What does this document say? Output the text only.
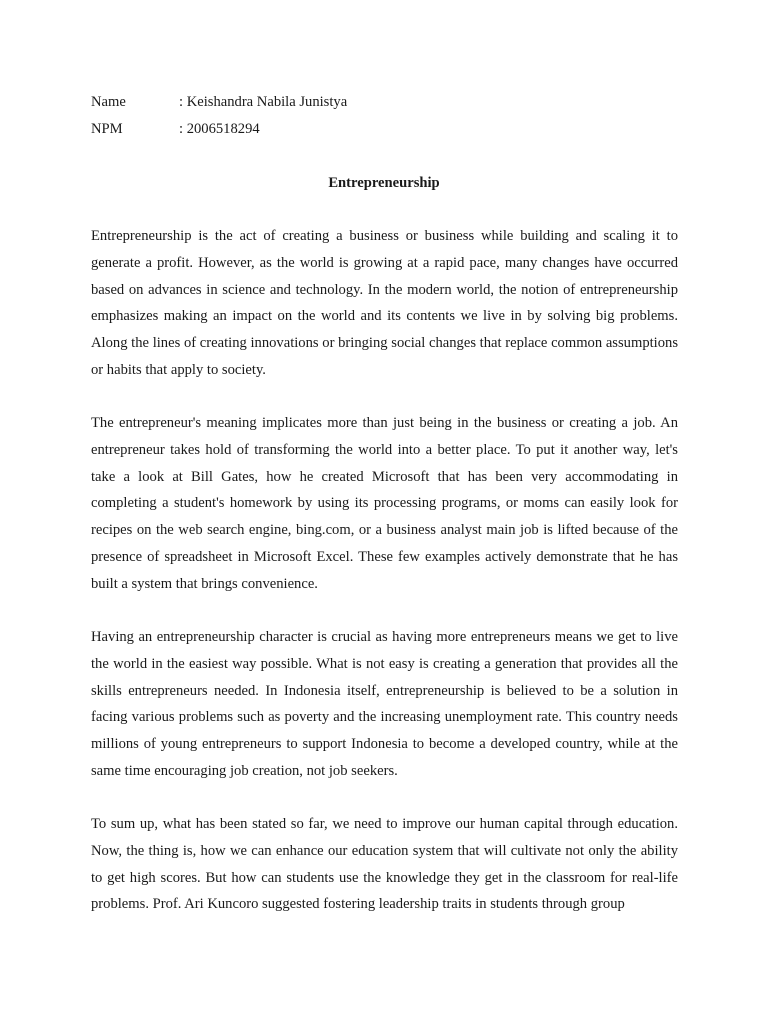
Name	: Keishandra Nabila Junistya
NPM	: 2006518294
Entrepreneurship

Entrepreneurship is the act of creating a business or business while building and scaling it to generate a profit. However, as the world is growing at a rapid pace, many changes have occurred based on advances in science and technology. In the modern world, the notion of entrepreneurship emphasizes making an impact on the world and its contents we live in by solving big problems. Along the lines of creating innovations or bringing social changes that replace common assumptions or habits that apply to society.

The entrepreneur's meaning implicates more than just being in the business or creating a job. An entrepreneur takes hold of transforming the world into a better place. To put it another way, let's take a look at Bill Gates, how he created Microsoft that has been very accommodating in completing a student's homework by using its processing programs, or moms can easily look for recipes on the web search engine, bing.com, or a business analyst main job is lifted because of the presence of spreadsheet in Microsoft Excel. These few examples actively demonstrate that he has built a system that brings convenience.

Having an entrepreneurship character is crucial as having more entrepreneurs means we get to live the world in the easiest way possible. What is not easy is creating a generation that provides all the skills entrepreneurs needed. In Indonesia itself, entrepreneurship is believed to be a solution in facing various problems such as poverty and the increasing unemployment rate. This country needs millions of young entrepreneurs to support Indonesia to become a developed country, while at the same time encouraging job creation, not job seekers.

To sum up, what has been stated so far, we need to improve our human capital through education. Now, the thing is, how we can enhance our education system that will cultivate not only the ability to get high scores. But how can students use the knowledge they get in the classroom for real-life problems. Prof. Ari Kuncoro suggested fostering leadership traits in students through group
